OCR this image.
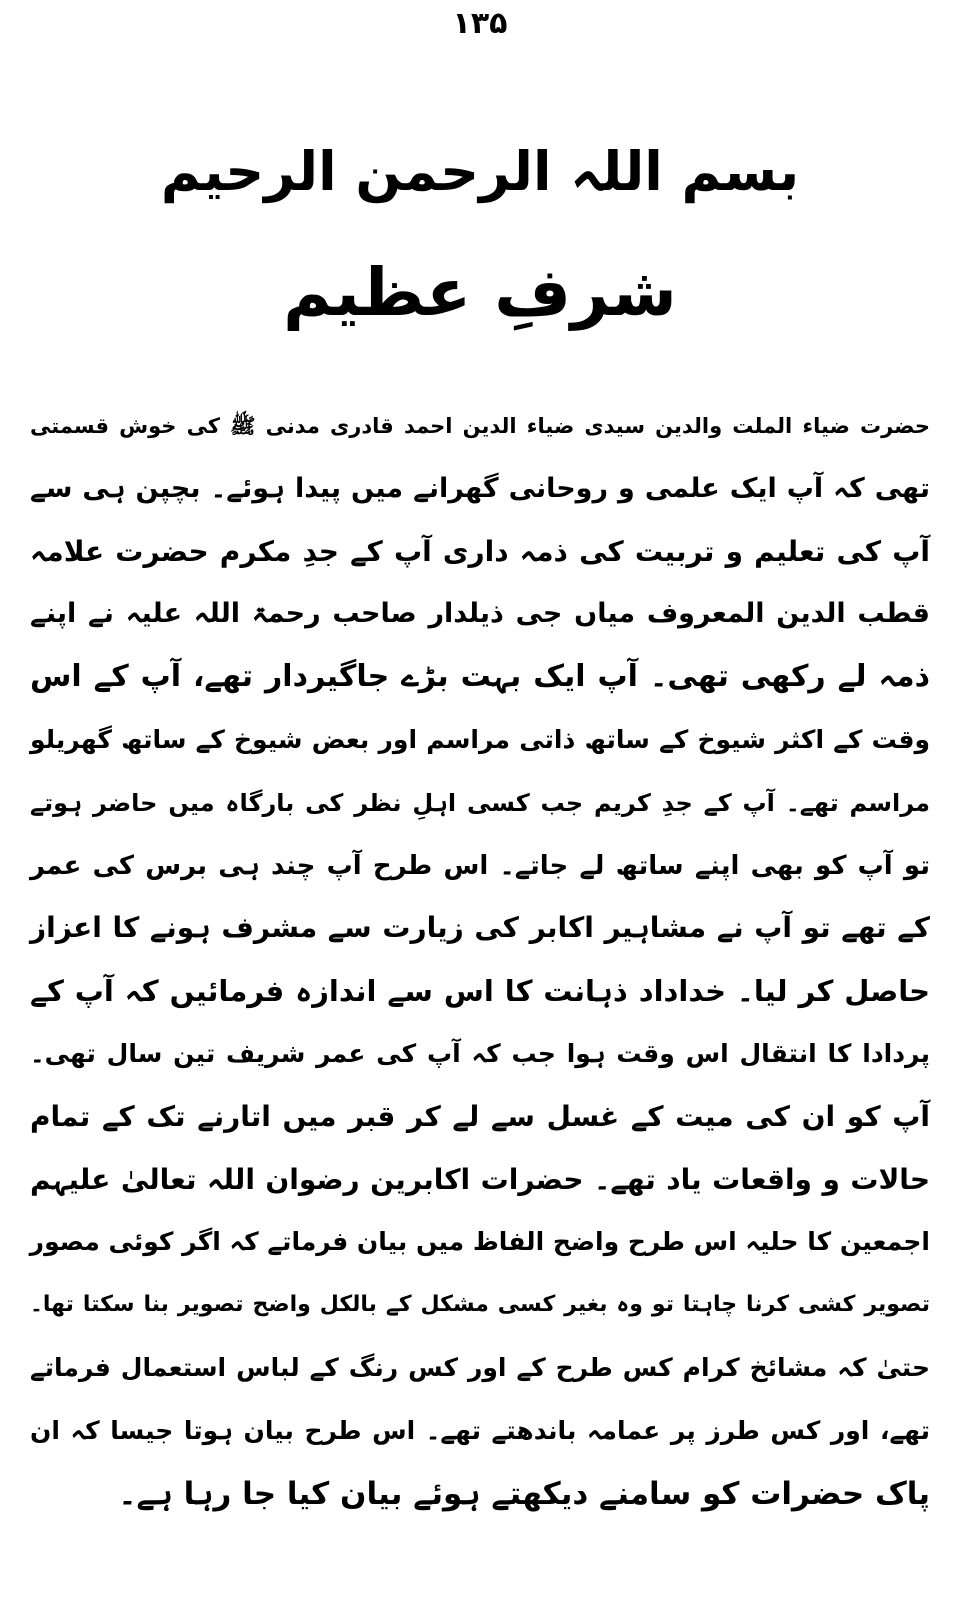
۱۳۵
بسم اللہ الرحمن الرحیم
شرفِ عظیم
حضرت ضیاء الملت والدین سیدی ضیاء الدین احمد قادری مدنی ﷺ کی خوش قسمتی
تھی کہ آپ ایک علمی و روحانی گھرانے میں پیدا ہوئے۔ بچپن ہی سے
آپ کی تعلیم و تربیت کی ذمہ داری آپ کے جدِ مکرم حضرت علامہ
قطب الدین المعروف میاں جی ذیلدار صاحب رحمۃ اللہ علیہ نے اپنے
ذمہ لے رکھی تھی۔ آپ ایک بہت بڑے جاگیردار تھے، آپ کے اس
وقت کے اکثر شیوخ کے ساتھ ذاتی مراسم اور بعض شیوخ کے ساتھ گھریلو
مراسم تھے۔ آپ کے جدِ کریم جب کسی اہلِ نظر کی بارگاہ میں حاضر ہوتے
تو آپ کو بھی اپنے ساتھ لے جاتے۔ اس طرح آپ چند ہی برس کی عمر
کے تھے تو آپ نے مشاہیر اکابر کی زیارت سے مشرف ہونے کا اعزاز
حاصل کر لیا۔ خداداد ذہانت کا اس سے اندازہ فرمائیں کہ آپ کے
پردادا کا انتقال اس وقت ہوا جب کہ آپ کی عمر شریف تین سال تھی۔
آپ کو ان کی میت کے غسل سے لے کر قبر میں اتارنے تک کے تمام
حالات و واقعات یاد تھے۔ حضرات اکابرین رضوان اللہ تعالیٰ علیہم
اجمعین کا حلیہ اس طرح واضح الفاظ میں بیان فرماتے کہ اگر کوئی مصور
تصویر کشی کرنا چاہتا تو وہ بغیر کسی مشکل کے بالکل واضح تصویر بنا سکتا تھا۔
حتیٰ کہ مشائخ کرام کس طرح کے اور کس رنگ کے لباس استعمال فرماتے
تھے، اور کس طرز پر عمامہ باندھتے تھے۔ اس طرح بیان ہوتا جیسا کہ ان
پاک حضرات کو سامنے دیکھتے ہوئے بیان کیا جا رہا ہے۔
